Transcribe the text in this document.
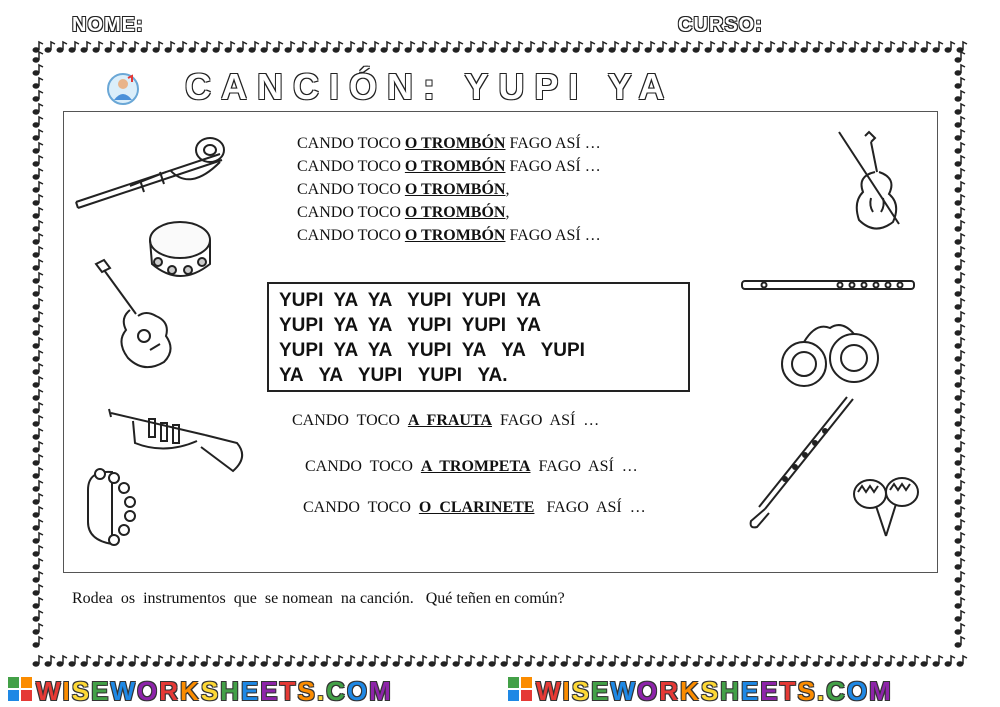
NOME:	CURSO:
CANCIÓN: YUPI YA
CANDO TOCO O TROMBÓN FAGO ASÍ …
CANDO TOCO O TROMBÓN FAGO ASÍ …
CANDO TOCO O TROMBÓN,
CANDO TOCO O TROMBÓN,
CANDO TOCO O TROMBÓN FAGO ASÍ …
YUPI  YA  YA   YUPI  YUPI  YA
YUPI  YA  YA   YUPI  YUPI  YA
YUPI  YA  YA   YUPI  YA   YA   YUPI
YA   YA   YUPI   YUPI   YA.
CANDO  TOCO  A  FRAUTA  FAGO  ASÍ  …
CANDO  TOCO  A  TROMPETA  FAGO  ASÍ  …
CANDO  TOCO  O  CLARINETE   FAGO  ASÍ  …
Rodea  os  instrumentos  que  se nomean  na canción.   Qué teñen en común?
WISEWORKSHEETS.COM	WISEWORKSHEETS.COM
